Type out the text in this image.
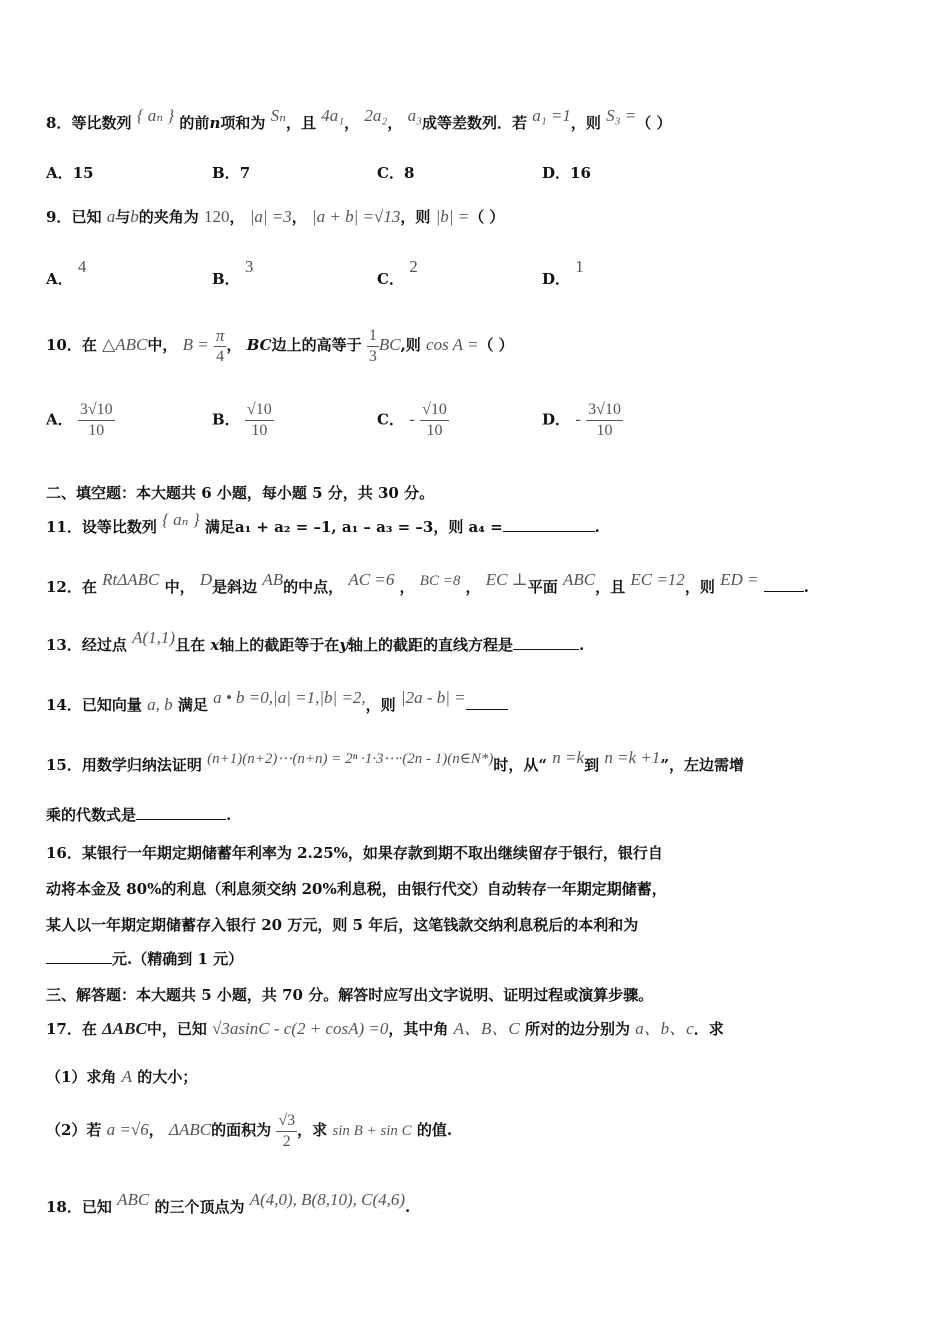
8．等比数列 { aₙ } 的前n项和为 Sₙ，且 4a₁， 2a₂， a₃成等差数列．若 a₁ =1，则 S₃ =（ ）
A．15	B．7	C．8	D．16
9．已知 a与b的夹角为 120， |a| =3， |a + b| =√13，则 |b| =（ ）
A． 4
B． 3
C． 2
D． 1
10．在 △ABC中， $B = \frac{\pi}{4}$ ， BC边上的高等于 $\frac{1}{3}$ BC,则 cos A =（ ）
A． $\frac{3√10}{10}$	B． $\frac{√10}{10}$	C． - $\frac{√10}{10}$	D． - $\frac{3√10}{10}$
二、填空题：本大题共 6 小题，每小题 5 分，共 30 分。
11．设等比数列 { aₙ } 满足a₁ + a₂ = –1, a₁ – a₃ = –3，则 a₄ =	.
12．在 RtΔABC 中， D是斜边 AB的中点， AC =6 ， BC =8 ， EC ⊥平面 ABC，且 EC =12，则 ED =	.
13．经过点 A(1,1)且在 x轴上的截距等于在y轴上的截距的直线方程是	.
14．已知向量 a, b 满足 a • b =0,|a| =1,|b| =2,，则 |2a - b| =
15．用数学归纳法证明 (n+1)(n+2)⋯(n+n) = 2ⁿ ·1·3⋯·(2n - 1)(n∈N*)时，从“ n =k到 n =k +1”，左边需增
乘的代数式是	.
16．某银行一年期定期储蓄年利率为 2.25%，如果存款到期不取出继续留存于银行，银行自
动将本金及 80%的利息（利息须交纳 20%利息税，由银行代交）自动转存一年期定期储蓄，
某人以一年期定期储蓄存入银行 20 万元，则 5 年后，这笔钱款交纳利息税后的本利和为
元.（精确到 1 元）
三、解答题：本大题共 5 小题，共 70 分。解答时应写出文字说明、证明过程或演算步骤。
17．在 ΔABC中，已知 √3asinC - c(2 + cosA) =0，其中角 A、B、C 所对的边分别为 a、b、c．求
（1）求角 A 的大小；
（2）若 a =√6， ΔABC的面积为 $\frac{√3}{2}$ ，求 sin B + sin C 的值.
18．已知 ABC 的三个顶点为 A(4,0), B(8,10), C(4,6).
